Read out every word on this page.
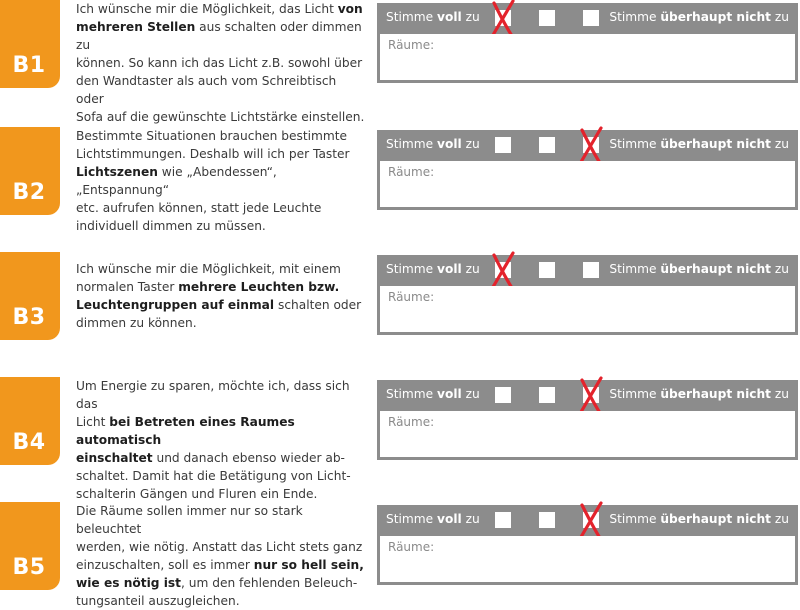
B1
Ich wünsche mir die Möglichkeit, das Licht von
mehreren Stellen aus schalten oder dimmen zu
können. So kann ich das Licht z.B. sowohl über
den Wandtaster als auch vom Schreibtisch oder
Sofa auf die gewünschte Lichtstärke einstellen.
Stimme voll zu	Stimme überhaupt nicht zu
Räume:
B2
Bestimmte Situationen brauchen bestimmte
Lichtstimmungen. Deshalb will ich per Taster
Lichtszenen wie „Abendessen“, „Entspannung“
etc. aufrufen können, statt jede Leuchte
individuell dimmen zu müssen.
Stimme voll zu	Stimme überhaupt nicht zu
Räume:
B3
Ich wünsche mir die Möglichkeit, mit einem
normalen Taster mehrere Leuchten bzw.
Leuchtengruppen auf einmal schalten oder
dimmen zu können.
Stimme voll zu	Stimme überhaupt nicht zu
Räume:
B4
Um Energie zu sparen, möchte ich, dass sich das
Licht bei Betreten eines Raumes automatisch
einschaltet und danach ebenso wieder ab-
schaltet. Damit hat die Betätigung von Licht-
schalterin Gängen und Fluren ein Ende.
Stimme voll zu	Stimme überhaupt nicht zu
Räume:
B5
Die Räume sollen immer nur so stark beleuchtet
werden, wie nötig. Anstatt das Licht stets ganz
einzuschalten, soll es immer nur so hell sein,
wie es nötig ist, um den fehlenden Beleuch-
tungsanteil auszugleichen.
Stimme voll zu	Stimme überhaupt nicht zu
Räume:
